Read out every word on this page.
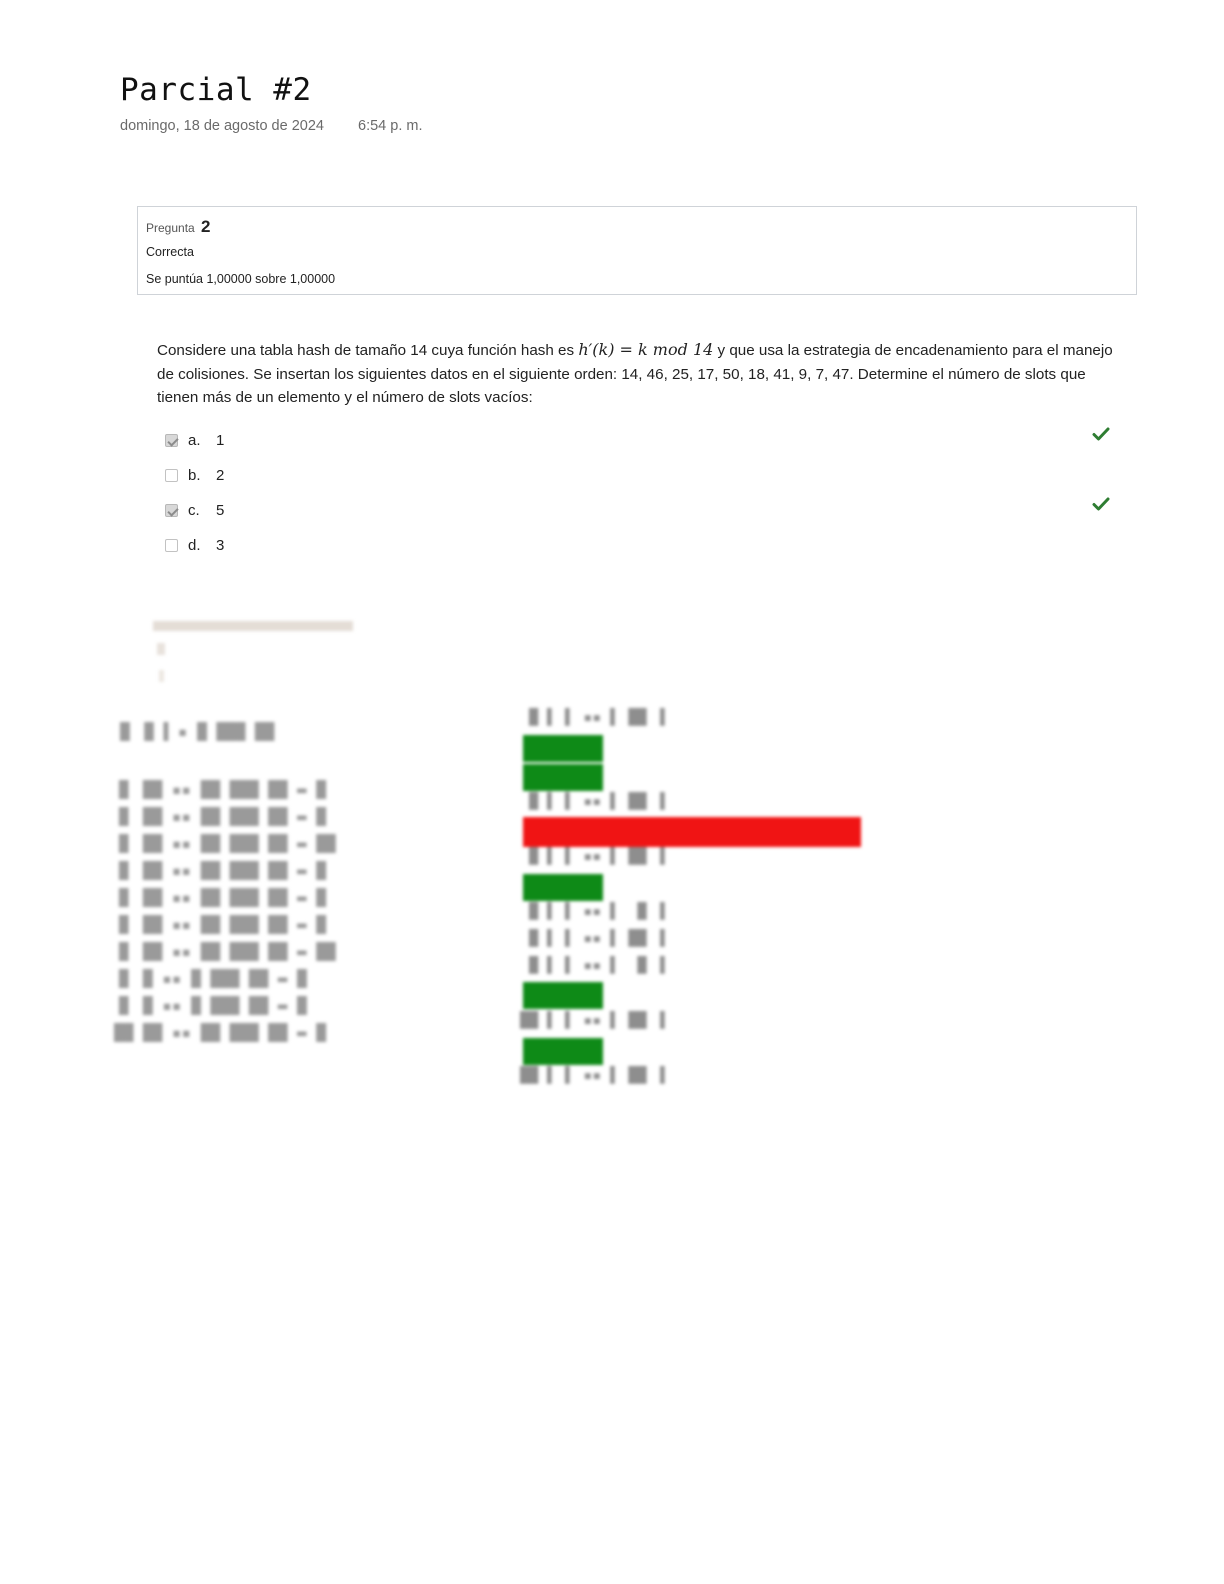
Parcial #2
domingo, 18 de agosto de 2024 6:54 p. m.
Pregunta 2
Correcta
Se puntúa 1,00000 sobre 1,00000
Considere una tabla hash de tamaño 14 cuya función hash es h′(k) = k mod 14 y que usa la estrategia de encadenamiento para el manejo de colisiones. Se insertan los siguientes datos en el siguiente orden: 14, 46, 25, 17, 50, 18, 41, 9, 7, 47. Determine el número de slots que tienen más de un elemento y el número de slots vacíos:
a. 1
b. 2
c. 5
d. 3
█ ▐▌▐ ▪ █ ███ ██
▐▌ ██ ▪▪ ██ ███ ██ ▬ █
▐▌ ██ ▪▪ ██ ███ ██ ▬ █
▐▌ ██ ▪▪ ██ ███ ██ ▬ ██
▐▌ ██ ▪▪ ██ ███ ██ ▬ █
▐▌ ██ ▪▪ ██ ███ ██ ▬ █
▐▌ ██ ▪▪ ██ ███ ██ ▬ █
▐▌ ██ ▪▪ ██ ███ ██ ▬ ██
▐▌ █ ▪▪ █ ███ ██ ▬ █
▐▌ █ ▪▪ █ ███ ██ ▬ █
██ ██ ▪▪ ██ ███ ██ ▬ █
█ ▌ ▌ ▪▪ ▌ ██ ▐
█ ▌ ▌ ▪▪ ▌ ██ ▐
█ ▌ ▌ ▪▪ ▌ ██ ▐
█ ▌ ▌ ▪▪ ▌  █ ▐
█ ▌ ▌ ▪▪ ▌ ██ ▐
█ ▌ ▌ ▪▪ ▌  █ ▐
██ ▌ ▌ ▪▪ ▌ ██ ▐
██ ▌ ▌ ▪▪ ▌ ██ ▐
